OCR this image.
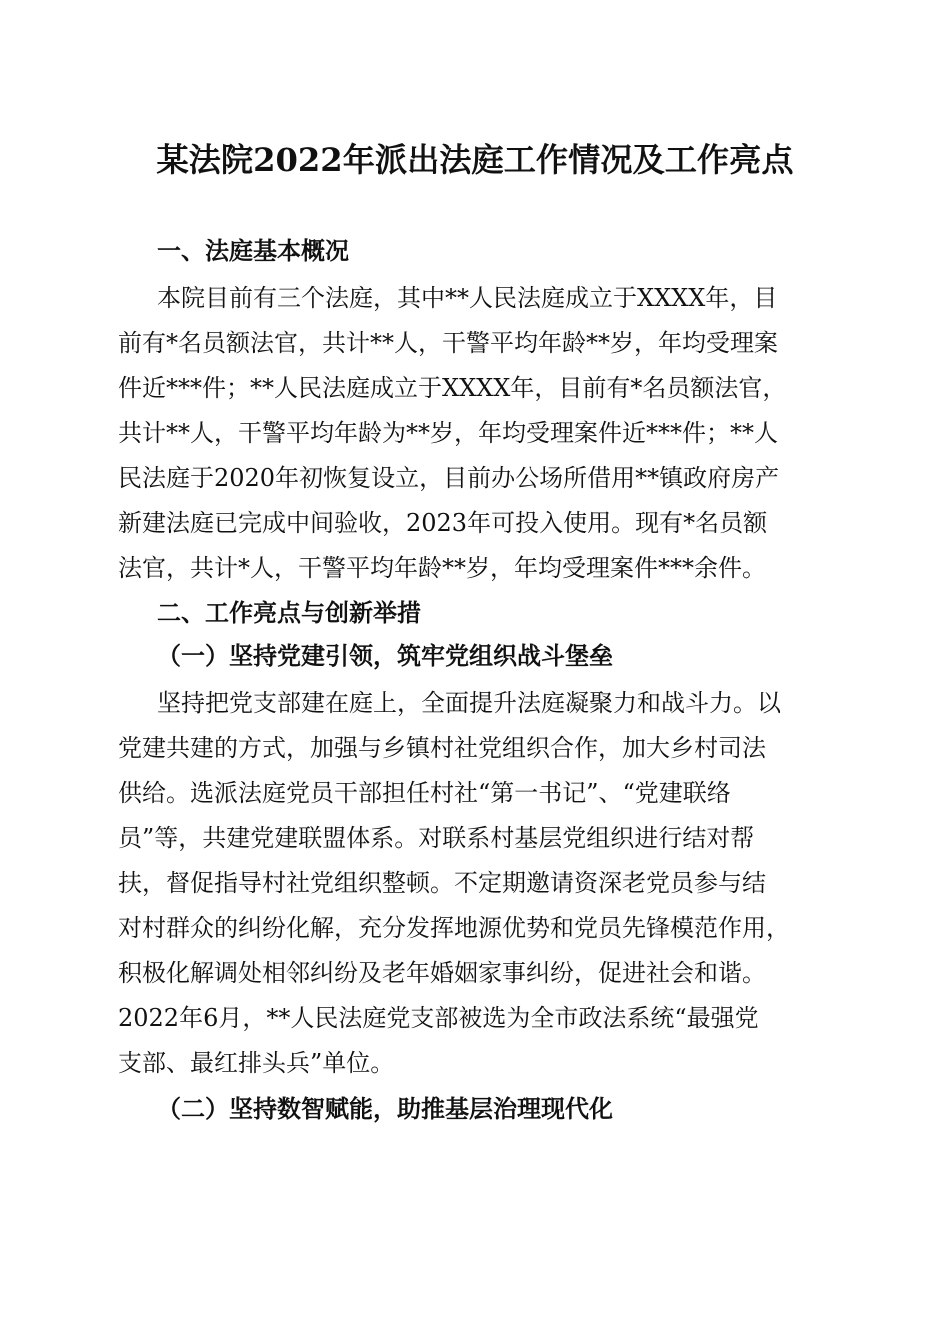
某法院2022年派出法庭工作情况及工作亮点
一、法庭基本概况
本院目前有三个法庭，其中**人民法庭成立于XXXX年，目
前有*名员额法官，共计**人，干警平均年龄**岁，年均受理案
件近***件；**人民法庭成立于XXXX年，目前有*名员额法官，
共计**人，干警平均年龄为**岁，年均受理案件近***件；**人
民法庭于2020年初恢复设立，目前办公场所借用**镇政府房产
新建法庭已完成中间验收，2023年可投入使用。现有*名员额
法官，共计*人，干警平均年龄**岁，年均受理案件***余件。
二、工作亮点与创新举措
（一）坚持党建引领，筑牢党组织战斗堡垒
坚持把党支部建在庭上，全面提升法庭凝聚力和战斗力。以
党建共建的方式，加强与乡镇村社党组织合作，加大乡村司法
供给。选派法庭党员干部担任村社“第一书记”、“党建联络
员”等，共建党建联盟体系。对联系村基层党组织进行结对帮
扶，督促指导村社党组织整顿。不定期邀请资深老党员参与结
对村群众的纠纷化解，充分发挥地源优势和党员先锋模范作用，
积极化解调处相邻纠纷及老年婚姻家事纠纷，促进社会和谐。
2022年6月，**人民法庭党支部被选为全市政法系统“最强党
支部、最红排头兵”单位。
（二）坚持数智赋能，助推基层治理现代化
